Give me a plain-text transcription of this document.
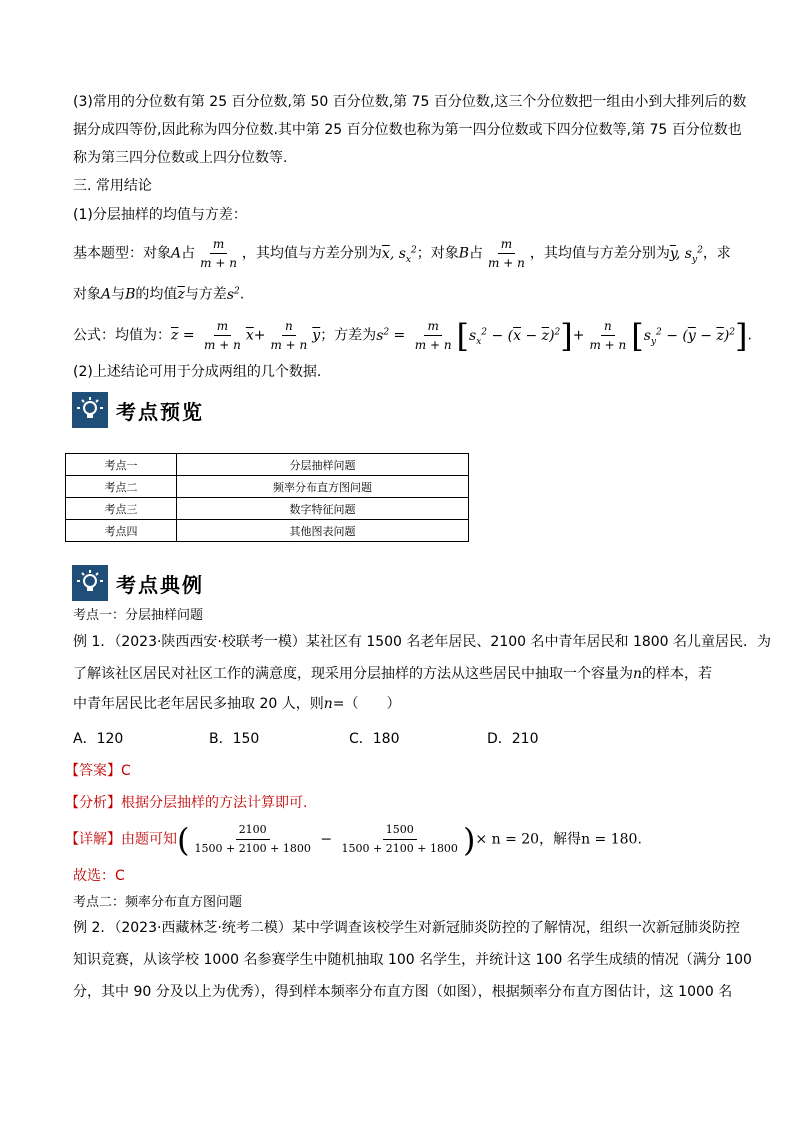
(3)常用的分位数有第 25 百分位数,第 50 百分位数,第 75 百分位数,这三个分位数把一组由小到大排列后的数
据分成四等份,因此称为四分位数.其中第 25 百分位数也称为第一四分位数或下四分位数等,第 75 百分位数也
称为第三四分位数或上四分位数等.
三. 常用结论
(1)分层抽样的均值与方差：
基本题型：对象A占 $\frac{m}{m + n}$ ，其均值与方差分别为$\overline{x}$, $s_x^2$；对象B占 $\frac{m}{m + n}$ ，其均值与方差分别为$\overline{y}$, $s_y^2$，求
对象A与B的均值$\overline{z}$与方差$s^2$.
公式：均值为：$\overline{z} = \frac{m}{m + n} \overline{x}+ \frac{n}{m + n} \overline{y}$；方差为$s^2 = \frac{m}{m + n} [s_x^2 - (\overline{x} - \overline{z})^2]+ \frac{n}{m + n} [s_y^2 - (\overline{y} - \overline{z})^2]$.
(2)上述结论可用于分成两组的几个数据.
考点预览
考点一	分层抽样问题
考点二	频率分布直方图问题
考点三	数字特征问题
考点四	其他图表问题
考点典例
考点一：分层抽样问题
例 1．（2023·陕西西安·校联考一模）某社区有 1500 名老年居民、2100 名中青年居民和 1800 名儿童居民．为
了解该社区居民对社区工作的满意度，现采用分层抽样的方法从这些居民中抽取一个容量为n的样本，若
中青年居民比老年居民多抽取 20 人，则n=（　　）
A．120	B．150	C．180	D．210
【答案】C
【分析】根据分层抽样的方法计算即可.
【详解】由题可知( $\frac{2100}{1500 + 2100 + 1800} - \frac{1500}{1500 + 2100 + 1800}$ )× n = 20，解得n = 180.
故选：C
考点二：频率分布直方图问题
例 2．（2023·西藏林芝·统考二模）某中学调查该校学生对新冠肺炎防控的了解情况，组织一次新冠肺炎防控
知识竞赛，从该学校 1000 名参赛学生中随机抽取 100 名学生，并统计这 100 名学生成绩的情况（满分 100
分，其中 90 分及以上为优秀），得到样本频率分布直方图（如图），根据频率分布直方图估计，这 1000 名
